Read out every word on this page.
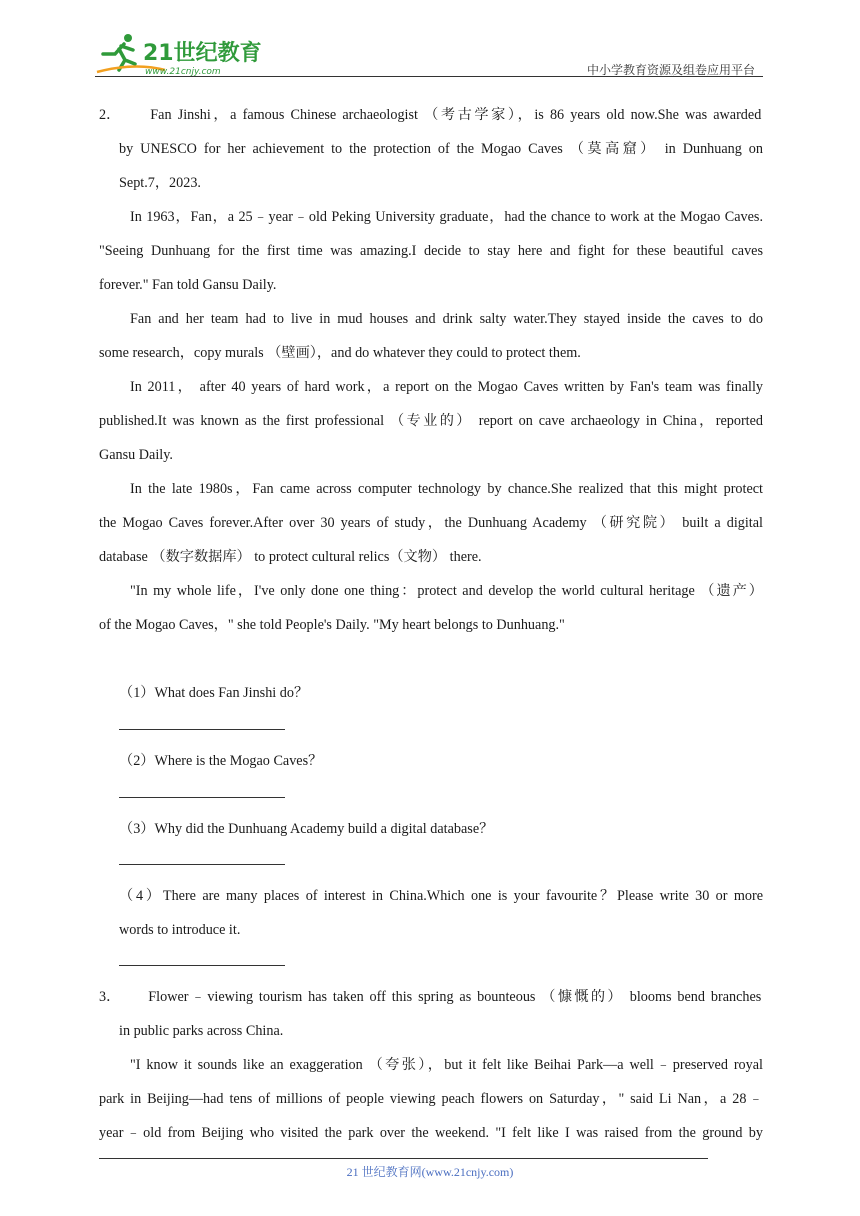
21世纪教育
www.21cnjy.com	中小学教育资源及组卷应用平台
2． Fan Jinshi，a famous Chinese archaeologist （考古学家），is 86 years old now.She was awarded
by UNESCO for her achievement to the protection of the Mogao Caves （莫高窟） in Dunhuang on
Sept.7，2023.
In 1963，Fan，a 25﹣year﹣old Peking University graduate，had the chance to work at the Mogao Caves.
"Seeing Dunhuang for the first time was amazing.I decide to stay here and fight for these beautiful caves
forever." Fan told Gansu Daily.
Fan and her team had to live in mud houses and drink salty water.They stayed inside the caves to do
some research，copy murals （壁画），and do whatever they could to protect them.
In 2011， after 40 years of hard work，a report on the Mogao Caves written by Fan's team was finally
published.It was known as the first professional （专业的） report on cave archaeology in China，reported
Gansu Daily.
In the late 1980s，Fan came across computer technology by chance.She realized that this might protect
the Mogao Caves forever.After over 30 years of study，the Dunhuang Academy （研究院） built a digital
database （数字数据库） to protect cultural relics（文物） there.
"In my whole life，I've only done one thing：protect and develop the world cultural heritage （遗产）
of the Mogao Caves，" she told People's Daily. "My heart belongs to Dunhuang."
（1）What does Fan Jinshi do？
（2）Where is the Mogao Caves？
（3）Why did the Dunhuang Academy build a digital database？
（4）There are many places of interest in China.Which one is your favourite？Please write 30 or more
words to introduce it.
3． Flower﹣viewing tourism has taken off this spring as bounteous （慷慨的） blooms bend branches
in public parks across China.
"I know it sounds like an exaggeration （夸张），but it felt like Beihai Park—a well﹣preserved royal
park in Beijing—had tens of millions of people viewing peach flowers on Saturday，" said Li Nan，a 28﹣
year﹣old from Beijing who visited the park over the weekend. "I felt like I was raised from the ground by
21 世纪教育网(www.21cnjy.com)
